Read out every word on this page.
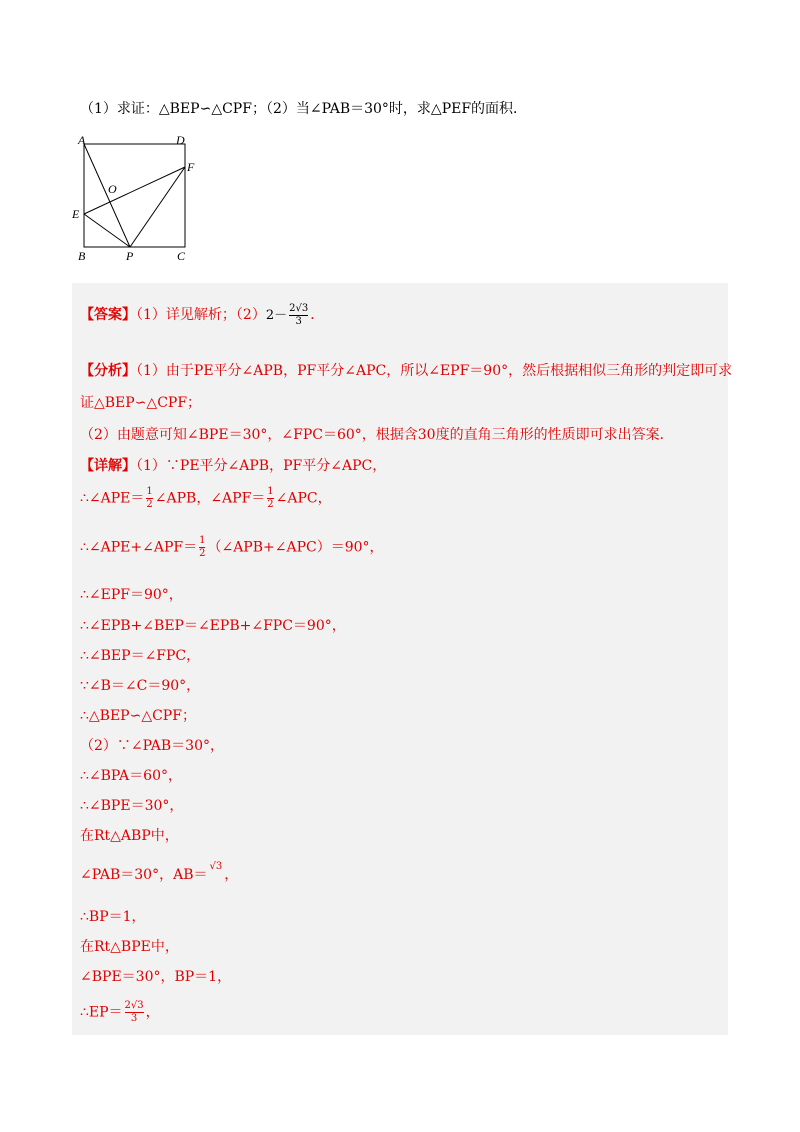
（1）求证：△BEP∽△CPF；（2）当∠PAB＝30°时，求△PEF的面积．
A	D
F
O
E
B	P	C
【答案】（1）详见解析；$(2)2- \frac{2√3}{3}$ ．
【分析】（1）由于PE平分∠APB，PF平分∠APC，所以∠EPF＝90°，然后根据相似三角形的判定即可求
证△BEP∽△CPF；
（2）由题意可知∠BPE＝30°，∠FPC＝60°，根据含30度的直角三角形的性质即可求出答案．
【详解】（1）∵PE平分∠APB，PF平分∠APC，
∴∠APE＝ $\frac{1}{2}$ ∠APB，∠APF＝ $\frac{1}{2}$ ∠APC，
∴∠APE+∠APF＝ $\frac{1}{2}$ （∠APB+∠APC）＝90°，
∴∠EPF＝90°，
∴∠EPB+∠BEP＝∠EPB+∠FPC＝90°，
∴∠BEP＝∠FPC，
∵∠B＝∠C＝90°，
∴△BEP∽△CPF；
（2）∵∠PAB＝30°，
∴∠BPA＝60°，
∴∠BPE＝30°，
在Rt△ABP中，
∠PAB＝30°，AB＝$^{√3}$，
∴BP＝1，
在Rt△BPE中，
∠BPE＝30°，BP＝1，
∴EP＝ $\frac{2√3}{3}$ ，
